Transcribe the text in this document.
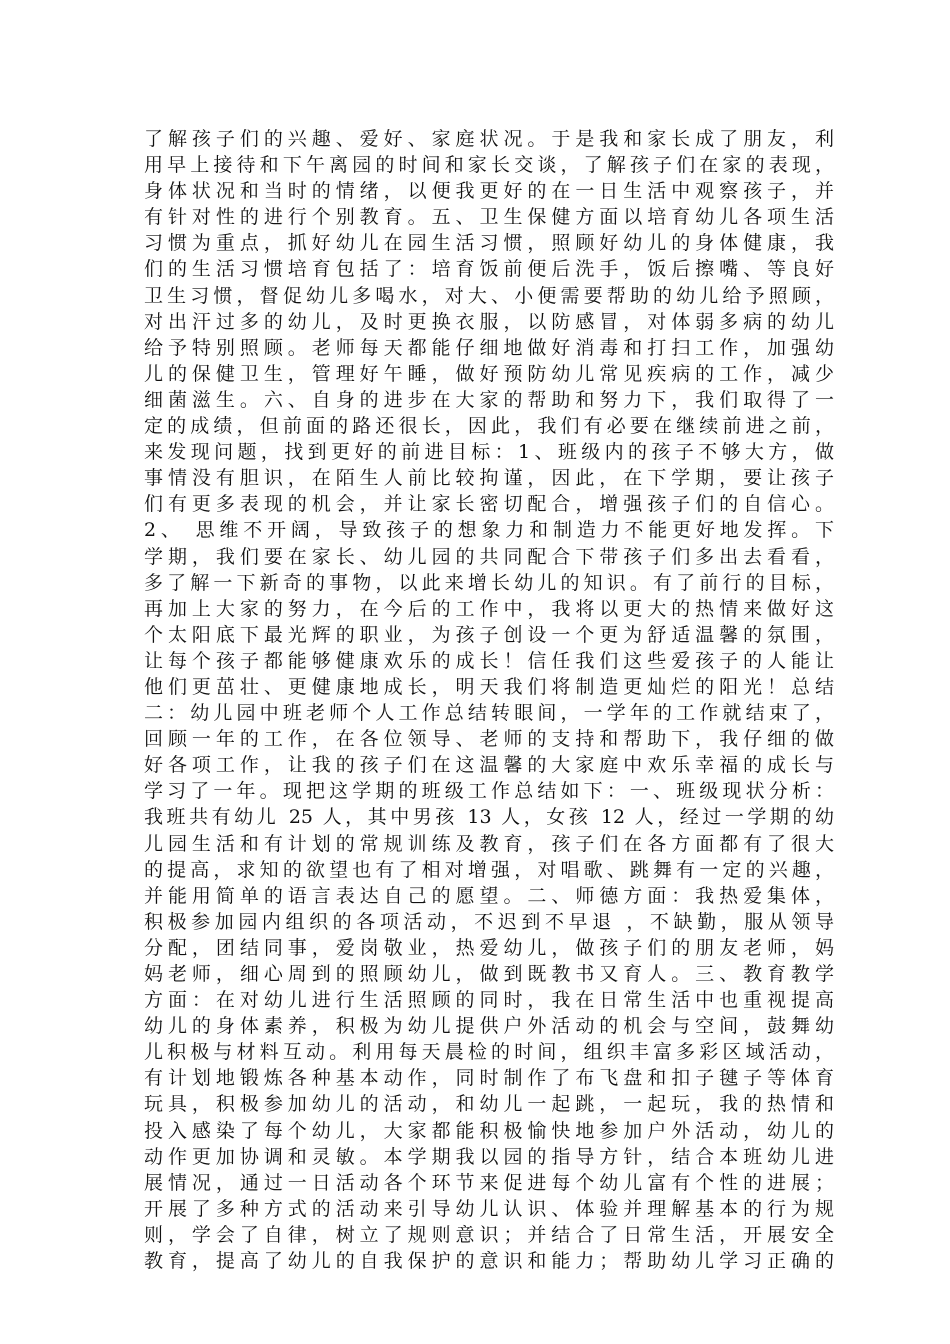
了解孩子们的兴趣、爱好、家庭状况。于是我和家长成了朋友，利
用早上接待和下午离园的时间和家长交谈，了解孩子们在家的表现，
身体状况和当时的情绪，以便我更好的在一日生活中观察孩子，并
有针对性的进行个别教育。五、卫生保健方面以培育幼儿各项生活
习惯为重点，抓好幼儿在园生活习惯，照顾好幼儿的身体健康，我
们的生活习惯培育包括了：培育饭前便后洗手，饭后擦嘴、等良好
卫生习惯，督促幼儿多喝水，对大、小便需要帮助的幼儿给予照顾，
对出汗过多的幼儿，及时更换衣服，以防感冒，对体弱多病的幼儿
给予特别照顾。老师每天都能仔细地做好消毒和打扫工作，加强幼
儿的保健卫生，管理好午睡，做好预防幼儿常见疾病的工作，减少
细菌滋生。六、自身的进步在大家的帮助和努力下，我们取得了一
定的成绩，但前面的路还很长，因此，我们有必要在继续前进之前，
来发现问题，找到更好的前进目标：1、班级内的孩子不够大方，做
事情没有胆识，在陌生人前比较拘谨，因此，在下学期，要让孩子
们有更多表现的机会，并让家长密切配合，增强孩子们的自信心。
2、 思维不开阔，导致孩子的想象力和制造力不能更好地发挥。下
学期，我们要在家长、幼儿园的共同配合下带孩子们多出去看看，
多了解一下新奇的事物，以此来增长幼儿的知识。有了前行的目标，
再加上大家的努力，在今后的工作中，我将以更大的热情来做好这
个太阳底下最光辉的职业，为孩子创设一个更为舒适温馨的氛围，
让每个孩子都能够健康欢乐的成长！信任我们这些爱孩子的人能让
他们更茁壮、更健康地成长，明天我们将制造更灿烂的阳光！总结
二：幼儿园中班老师个人工作总结转眼间，一学年的工作就结束了，
回顾一年的工作，在各位领导、老师的支持和帮助下，我仔细的做
好各项工作，让我的孩子们在这温馨的大家庭中欢乐幸福的成长与
学习了一年。现把这学期的班级工作总结如下：一、班级现状分析：
我班共有幼儿 25 人，其中男孩 13 人，女孩 12 人，经过一学期的幼
儿园生活和有计划的常规训练及教育，孩子们在各方面都有了很大
的提高，求知的欲望也有了相对增强，对唱歌、跳舞有一定的兴趣，
并能用简单的语言表达自己的愿望。二、师德方面：我热爱集体，
积极参加园内组织的各项活动，不迟到不早退 ，不缺勤，服从领导
分配，团结同事，爱岗敬业，热爱幼儿，做孩子们的朋友老师，妈
妈老师，细心周到的照顾幼儿，做到既教书又育人。三、教育教学
方面：在对幼儿进行生活照顾的同时，我在日常生活中也重视提高
幼儿的身体素养，积极为幼儿提供户外活动的机会与空间，鼓舞幼
儿积极与材料互动。利用每天晨检的时间，组织丰富多彩区域活动，
有计划地锻炼各种基本动作，同时制作了布飞盘和扣子毽子等体育
玩具，积极参加幼儿的活动，和幼儿一起跳，一起玩，我的热情和
投入感染了每个幼儿，大家都能积极愉快地参加户外活动，幼儿的
动作更加协调和灵敏。本学期我以园的指导方针，结合本班幼儿进
展情况，通过一日活动各个环节来促进每个幼儿富有个性的进展；
开展了多种方式的活动来引导幼儿认识、体验并理解基本的行为规
则，学会了自律，树立了规则意识；并结合了日常生活，开展安全
教育，提高了幼儿的自我保护的意识和能力；帮助幼儿学习正确的
